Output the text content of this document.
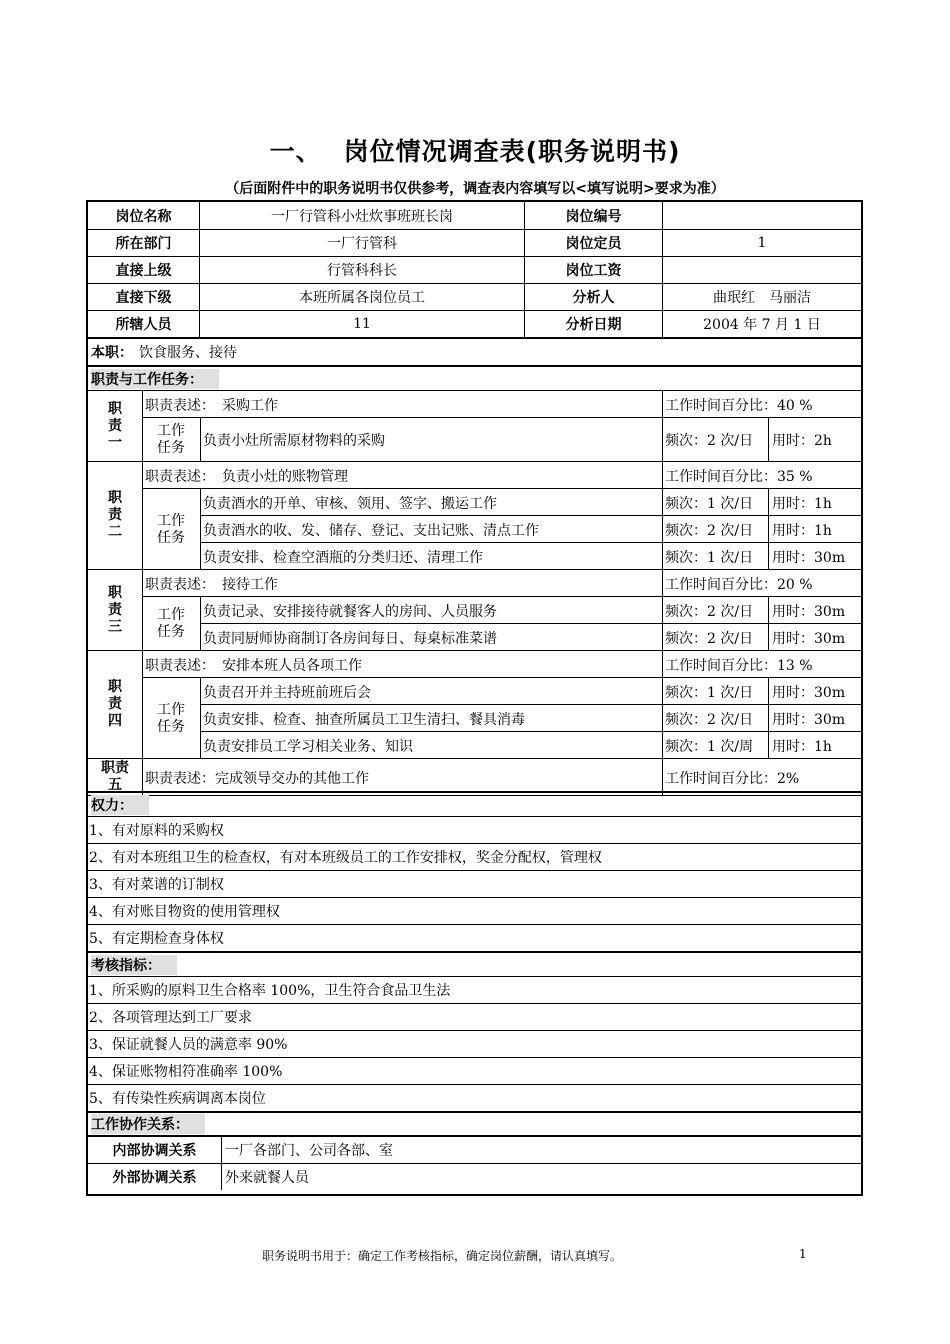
一、 岗位情况调查表(职务说明书)
（后面附件中的职务说明书仅供参考，调查表内容填写以<填写说明>要求为准）
岗位名称	一厂行管科小灶炊事班班长岗	岗位编号
所在部门	一厂行管科	岗位定员	1
直接上级	行管科科长	岗位工资
直接下级	本班所属各岗位员工	分析人	曲珉红　马丽洁
所辖人员	11	分析日期	2004 年 7 月 1 日
本职： 饮食服务、接待
职责与工作任务：
职
责
一
职责表述：　采购工作	工作时间百分比：40 %
工作
任务	负责小灶所需原材物料的采购	频次：2 次/日 用时：2h
职
责
二
职责表述：　负责小灶的账物管理	工作时间百分比：35 %
工作
任务
负责酒水的开单、审核、领用、签字、搬运工作	频次：1 次/日 用时：1h
负责酒水的收、发、储存、登记、支出记账、清点工作	频次：2 次/日 用时：1h
负责安排、检查空酒瓶的分类归还、清理工作	频次：1 次/日 用时：30m
职
责
三
职责表述：　接待工作	工作时间百分比：20 %
工作
任务
负责记录、安排接待就餐客人的房间、人员服务	频次：2 次/日 用时：30m
负责同厨师协商制订各房间每日、每桌标准菜谱	频次：2 次/日 用时：30m
职
责
四
职责表述：　安排本班人员各项工作	工作时间百分比：13 %
工作
任务
负责召开并主持班前班后会	频次：1 次/日 用时：30m
负责安排、检查、抽查所属员工卫生清扫、餐具消毒	频次：2 次/日 用时：30m
负责安排员工学习相关业务、知识	频次：1 次/周 用时：1h
职责
五	职责表述：完成领导交办的其他工作	工作时间百分比：2%
权力：
1、有对原料的采购权
2、有对本班组卫生的检查权，有对本班级员工的工作安排权，奖金分配权，管理权
3、有对菜谱的订制权
4、有对账目物资的使用管理权
5、有定期检查身体权
考核指标：
1、所采购的原料卫生合格率 100%，卫生符合食品卫生法
2、各项管理达到工厂要求
3、保证就餐人员的满意率 90%
4、保证账物相符准确率 100%
5、有传染性疾病调离本岗位
工作协作关系：
内部协调关系	一厂各部门、公司各部、室
外部协调关系	外来就餐人员
职务说明书用于：确定工作考核指标，确定岗位薪酬，请认真填写。	1
